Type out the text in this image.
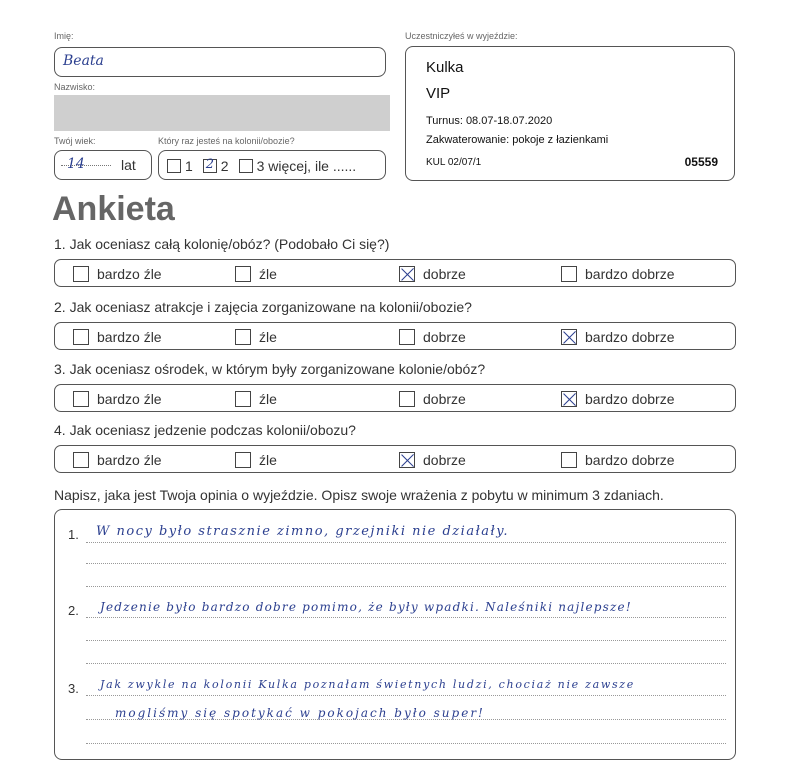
Imię:
Beata
Nazwisko:
Twój wiek:
14	lat
Który raz jesteś na kolonii/obozie?
1 2 2 3 więcej, ile ......
Uczestniczyłeś w wyjeździe:
Kulka
VIP
Turnus: 08.07-18.07.2020
Zakwaterowanie: pokoje z łazienkami
KUL 02/07/1	05559
Ankieta
1. Jak oceniasz całą kolonię/obóz? (Podobało Ci się?)
bardzo źle	źle	dobrze	bardzo dobrze
2. Jak oceniasz atrakcje i zajęcia zorganizowane na kolonii/obozie?
bardzo źle	źle	dobrze	bardzo dobrze
3. Jak oceniasz ośrodek, w którym były zorganizowane kolonie/obóz?
bardzo źle	źle	dobrze	bardzo dobrze
4. Jak oceniasz jedzenie podczas kolonii/obozu?
bardzo źle	źle	dobrze	bardzo dobrze
Napisz, jaka jest Twoja opinia o wyjeździe. Opisz swoje wrażenia z pobytu w minimum 3 zdaniach.
1.
2.
3.
W nocy było strasznie zimno, grzejniki nie działały.
Jedzenie było bardzo dobre pomimo, że były wpadki. Naleśniki najlepsze!
Jak zwykle na kolonii Kulka poznałam świetnych ludzi, chociaż nie zawsze
mogliśmy się spotykać w pokojach było super!
